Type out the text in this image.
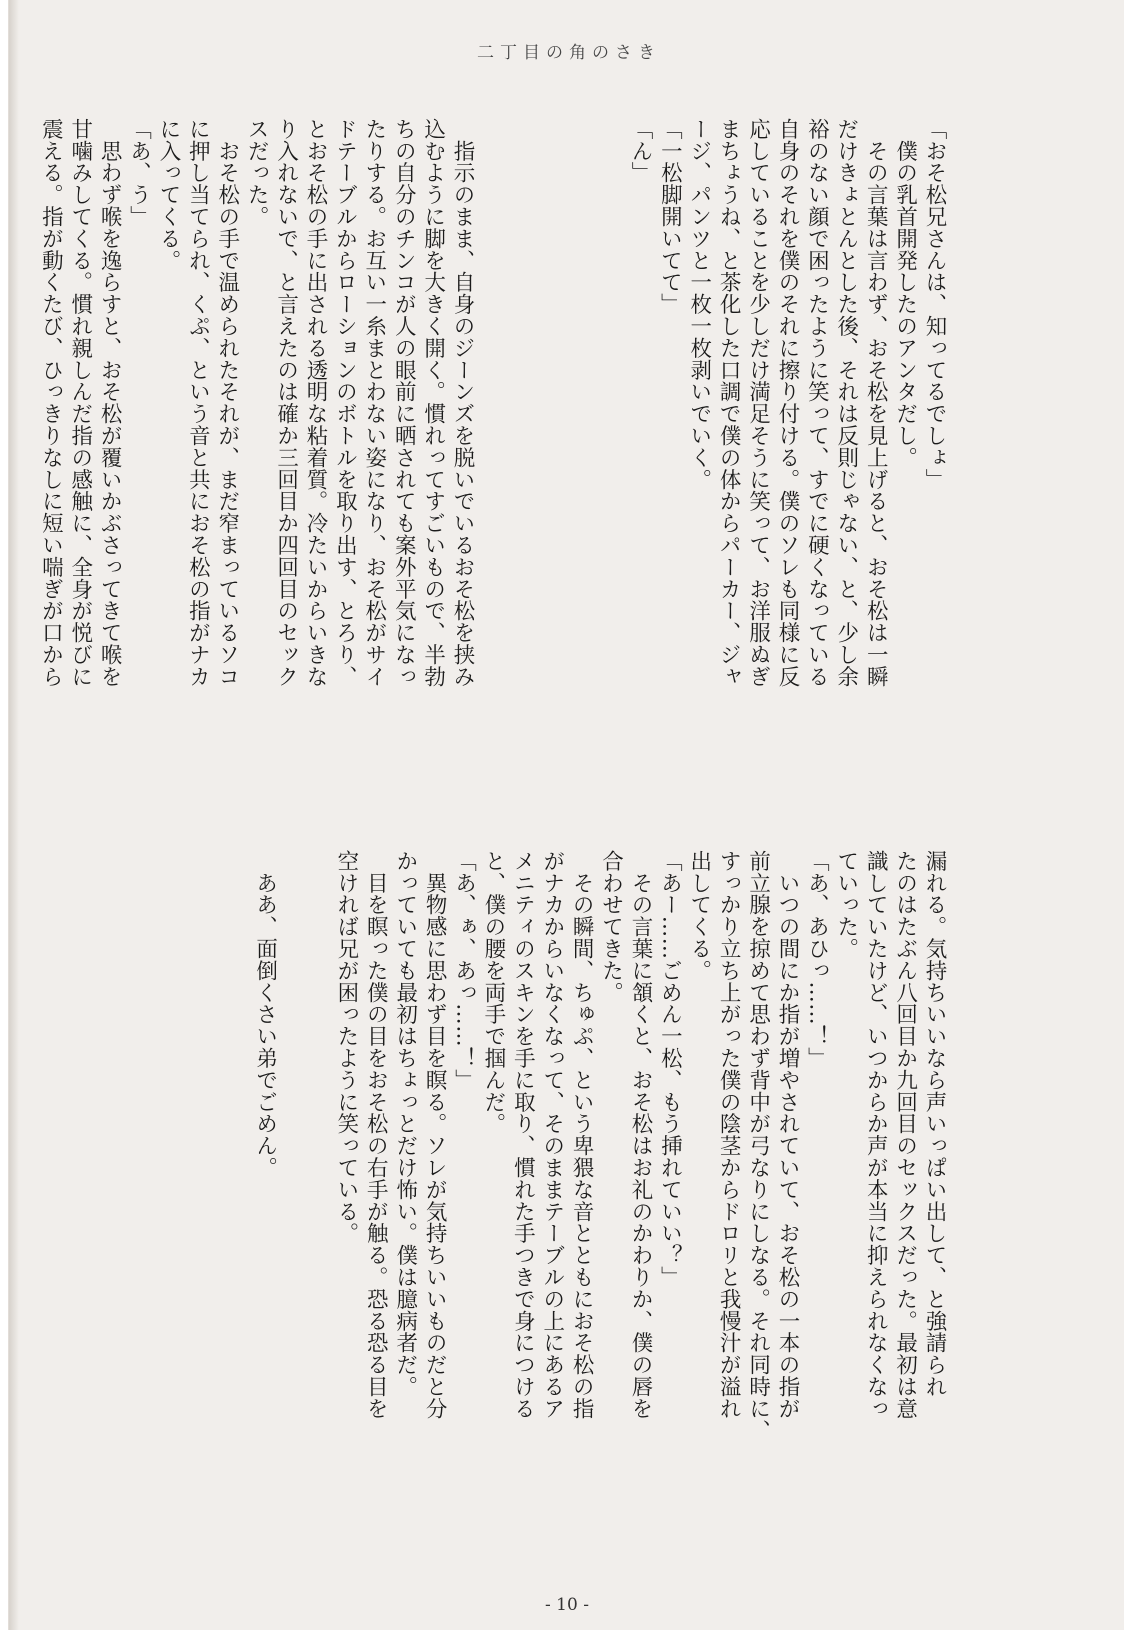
二丁目の角のさき
「おそ松兄さんは、知ってるでしょ」
　僕の乳首開発したのアンタだし。
　その言葉は言わず、おそ松を見上げると、おそ松は一瞬
だけきょとんとした後、それは反則じゃない、と、少し余
裕のない顔で困ったように笑って、すでに硬くなっている
自身のそれを僕のそれに擦り付ける。僕のソレも同様に反
応していることを少しだけ満足そうに笑って、お洋服ぬぎ
まちょうね、と茶化した口調で僕の体からパーカー、ジャ
ージ、パンツと一枚一枚剥いでいく。
「一松脚開いてて」
「ん」
　指示のまま、自身のジーンズを脱いでいるおそ松を挟み
込むように脚を大きく開く。慣れってすごいもので、半勃
ちの自分のチンコが人の眼前に晒されても案外平気になっ
たりする。お互い一糸まとわない姿になり、おそ松がサイ
ドテーブルからローションのボトルを取り出す、とろり、
とおそ松の手に出される透明な粘着質。冷たいからいきな
り入れないで、と言えたのは確か三回目か四回目のセック
スだった。
　おそ松の手で温められたそれが、まだ窄まっているソコ
に押し当てられ、くぷ、という音と共におそ松の指がナカ
に入ってくる。
「あ、う」
　思わず喉を逸らすと、おそ松が覆いかぶさってきて喉を
甘噛みしてくる。慣れ親しんだ指の感触に、全身が悦びに
震える。指が動くたび、ひっきりなしに短い喘ぎが口から
漏れる。気持ちいいなら声いっぱい出して、と強請られ
たのはたぶん八回目か九回目のセックスだった。最初は意
識していたけど、いつからか声が本当に抑えられなくなっ
ていった。
「あ、あひっ……！」
　いつの間にか指が増やされていて、おそ松の一本の指が
前立腺を掠めて思わず背中が弓なりにしなる。それ同時に、
すっかり立ち上がった僕の陰茎からドロリと我慢汁が溢れ
出してくる。
「あー……ごめん一松、もう挿れていい？」
　その言葉に頷くと、おそ松はお礼のかわりか、僕の唇を
合わせてきた。
　その瞬間、ちゅぷ、という卑猥な音とともにおそ松の指
がナカからいなくなって、そのままテーブルの上にあるア
メニティのスキンを手に取り、慣れた手つきで身につける
と、僕の腰を両手で掴んだ。
「あ、ぁ、あっ……！」
　異物感に思わず目を瞑る。ソレが気持ちいいものだと分
かっていても最初はちょっとだけ怖い。僕は臆病者だ。
　目を瞑った僕の目をおそ松の右手が触る。恐る恐る目を
空ければ兄が困ったように笑っている。

　ああ、面倒くさい弟でごめん。
- 10 -
